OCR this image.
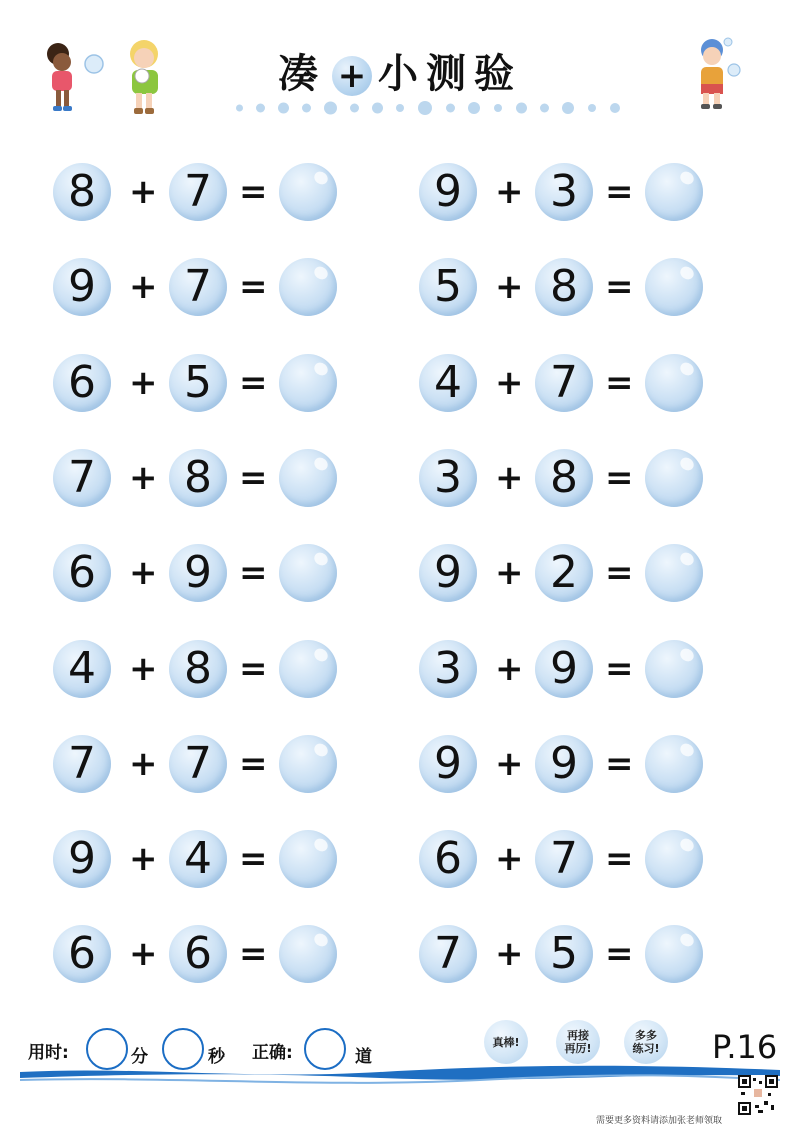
凑 + 小测验
8 + 7 =	9 + 3 =
9 + 7 =	5 + 8 =
6 + 5 =	4 + 7 =
7 + 8 =	3 + 8 =
6 + 9 =	9 + 2 =
4 + 8 =	3 + 9 =
7 + 7 =	9 + 9 =
9 + 4 =	6 + 7 =
6 + 6 =	7 + 5 =
用时:	分	秒 正确:	道
真棒!	再接再厉!
多多练习! P.16
需要更多资料请添加张老师领取
